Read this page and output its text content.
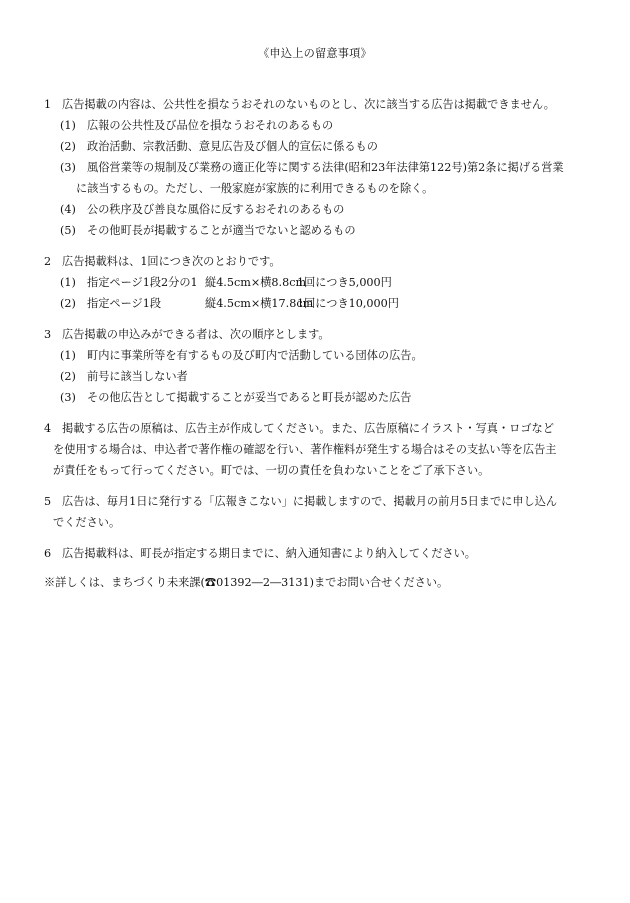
《申込上の留意事項》
1 広告掲載の内容は、公共性を損なうおそれのないものとし、次に該当する広告は掲載できません。
(1) 広報の公共性及び品位を損なうおそれのあるもの
(2) 政治活動、宗教活動、意見広告及び個人的宣伝に係るもの
(3) 風俗営業等の規制及び業務の適正化等に関する法律(昭和23年法律第122号)第2条に掲げる営業
に該当するもの。ただし、一般家庭が家族的に利用できるものを除く。
(4) 公の秩序及び善良な風俗に反するおそれのあるもの
(5) その他町長が掲載することが適当でないと認めるもの
2 広告掲載料は、1回につき次のとおりです。
(1) 指定ページ1段2分の1 縦4.5cm×横8.8cm1回につき5,000円
(2) 指定ページ1段	縦4.5cm×横17.8cm1回につき10,000円
3 広告掲載の申込みができる者は、次の順序とします。
(1) 町内に事業所等を有するもの及び町内で活動している団体の広告。
(2) 前号に該当しない者
(3) その他広告として掲載することが妥当であると町長が認めた広告
4 掲載する広告の原稿は、広告主が作成してください。また、広告原稿にイラスト・写真・ロゴなど
を使用する場合は、申込者で著作権の確認を行い、著作権料が発生する場合はその支払い等を広告主
が責任をもって行ってください。町では、一切の責任を負わないことをご了承下さい。
5 広告は、毎月1日に発行する「広報きこない」に掲載しますので、掲載月の前月5日までに申し込ん
でください。
6 広告掲載料は、町長が指定する期日までに、納入通知書により納入してください。
※詳しくは、まちづくり未来課(☎01392―2―3131)までお問い合せください。
